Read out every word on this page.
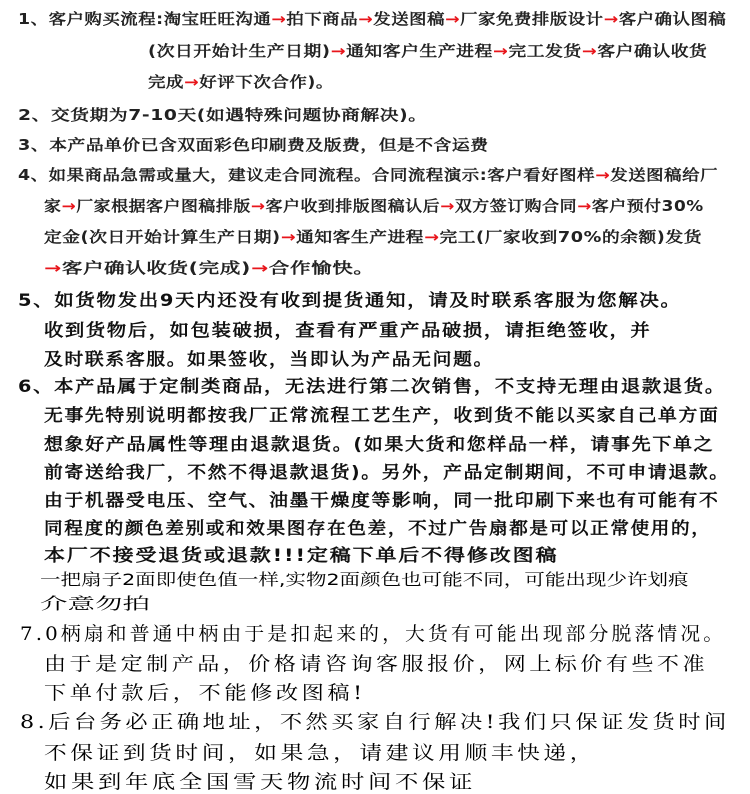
1、客户购买流程:淘宝旺旺沟通→拍下商品→发送图稿→厂家免费排版设计→客户确认图稿
(次日开始计生产日期)→通知客户生产进程→完工发货→客户确认收货
完成→好评下次合作)。
2、交货期为7-10天(如遇特殊问题协商解决)。
3、本产品单价已含双面彩色印刷费及版费，但是不含运费
4、如果商品急需或量大，建议走合同流程。合同流程演示:客户看好图样→发送图稿给厂
家→厂家根据客户图稿排版→客户收到排版图稿认后→双方签订购合同→客户预付30%
定金(次日开始计算生产日期)→通知客生产进程→完工(厂家收到70%的余额)发货
→客户确认收货(完成)→合作愉快。
5、如货物发出9天内还没有收到提货通知，请及时联系客服为您解决。
收到货物后，如包装破损，查看有严重产品破损，请拒绝签收，并
及时联系客服。如果签收，当即认为产品无问题。
6、本产品属于定制类商品，无法进行第二次销售，不支持无理由退款退货。
无事先特别说明都按我厂正常流程工艺生产，收到货不能以买家自己单方面
想象好产品属性等理由退款退货。(如果大货和您样品一样，请事先下单之
前寄送给我厂，不然不得退款退货)。另外，产品定制期间，不可申请退款。
由于机器受电压、空气、油墨干燥度等影响，同一批印刷下来也有可能有不
同程度的颜色差别或和效果图存在色差，不过广告扇都是可以正常使用的，
本厂不接受退货或退款!!!定稿下单后不得修改图稿
一把扇子2面即使色值一样,实物2面颜色也可能不同，可能出现少许划痕
介意勿拍
7.0柄扇和普通中柄由于是扣起来的，大货有可能出现部分脱落情况。
由于是定制产品，价格请咨询客服报价，网上标价有些不准
下单付款后，不能修改图稿!
8.后台务必正确地址，不然买家自行解决!我们只保证发货时间
不保证到货时间，如果急，请建议用顺丰快递，
如果到年底全国雪天物流时间不保证
